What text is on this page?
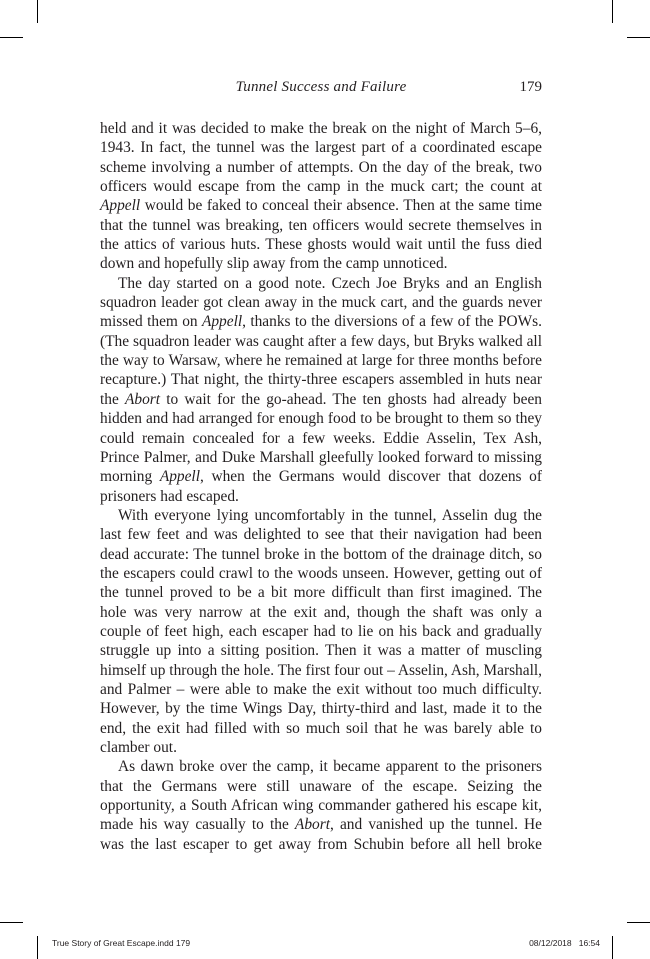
Tunnel Success and Failure	179

held and it was decided to make the break on the night of March 5–6, 1943. In fact, the tunnel was the largest part of a coordinated escape scheme involving a number of attempts. On the day of the break, two officers would escape from the camp in the muck cart; the count at Appell would be faked to conceal their absence. Then at the same time that the tunnel was breaking, ten officers would secrete themselves in the attics of various huts. These ghosts would wait until the fuss died down and hopefully slip away from the camp unnoticed.

The day started on a good note. Czech Joe Bryks and an English squadron leader got clean away in the muck cart, and the guards never missed them on Appell, thanks to the diversions of a few of the POWs. (The squadron leader was caught after a few days, but Bryks walked all the way to Warsaw, where he remained at large for three months before recapture.) That night, the thirty-three escapers assembled in huts near the Abort to wait for the go-ahead. The ten ghosts had already been hidden and had arranged for enough food to be brought to them so they could remain concealed for a few weeks. Eddie Asselin, Tex Ash, Prince Palmer, and Duke Marshall gleefully looked forward to missing morning Appell, when the Germans would discover that dozens of prisoners had escaped.

With everyone lying uncomfortably in the tunnel, Asselin dug the last few feet and was delighted to see that their navigation had been dead accurate: The tunnel broke in the bottom of the drainage ditch, so the escapers could crawl to the woods unseen. However, getting out of the tunnel proved to be a bit more difficult than first imagined. The hole was very narrow at the exit and, though the shaft was only a couple of feet high, each escaper had to lie on his back and gradually struggle up into a sitting position. Then it was a matter of muscling himself up through the hole. The first four out – Asselin, Ash, Marshall, and Palmer – were able to make the exit without too much difficulty. However, by the time Wings Day, thirty-third and last, made it to the end, the exit had filled with so much soil that he was barely able to clamber out.

As dawn broke over the camp, it became apparent to the prisoners that the Germans were still unaware of the escape. Seizing the opportunity, a South African wing commander gathered his escape kit, made his way casually to the Abort, and vanished up the tunnel. He was the last escaper to get away from Schubin before all hell broke

True Story of Great Escape.indd 179	08/12/2018 16:54
